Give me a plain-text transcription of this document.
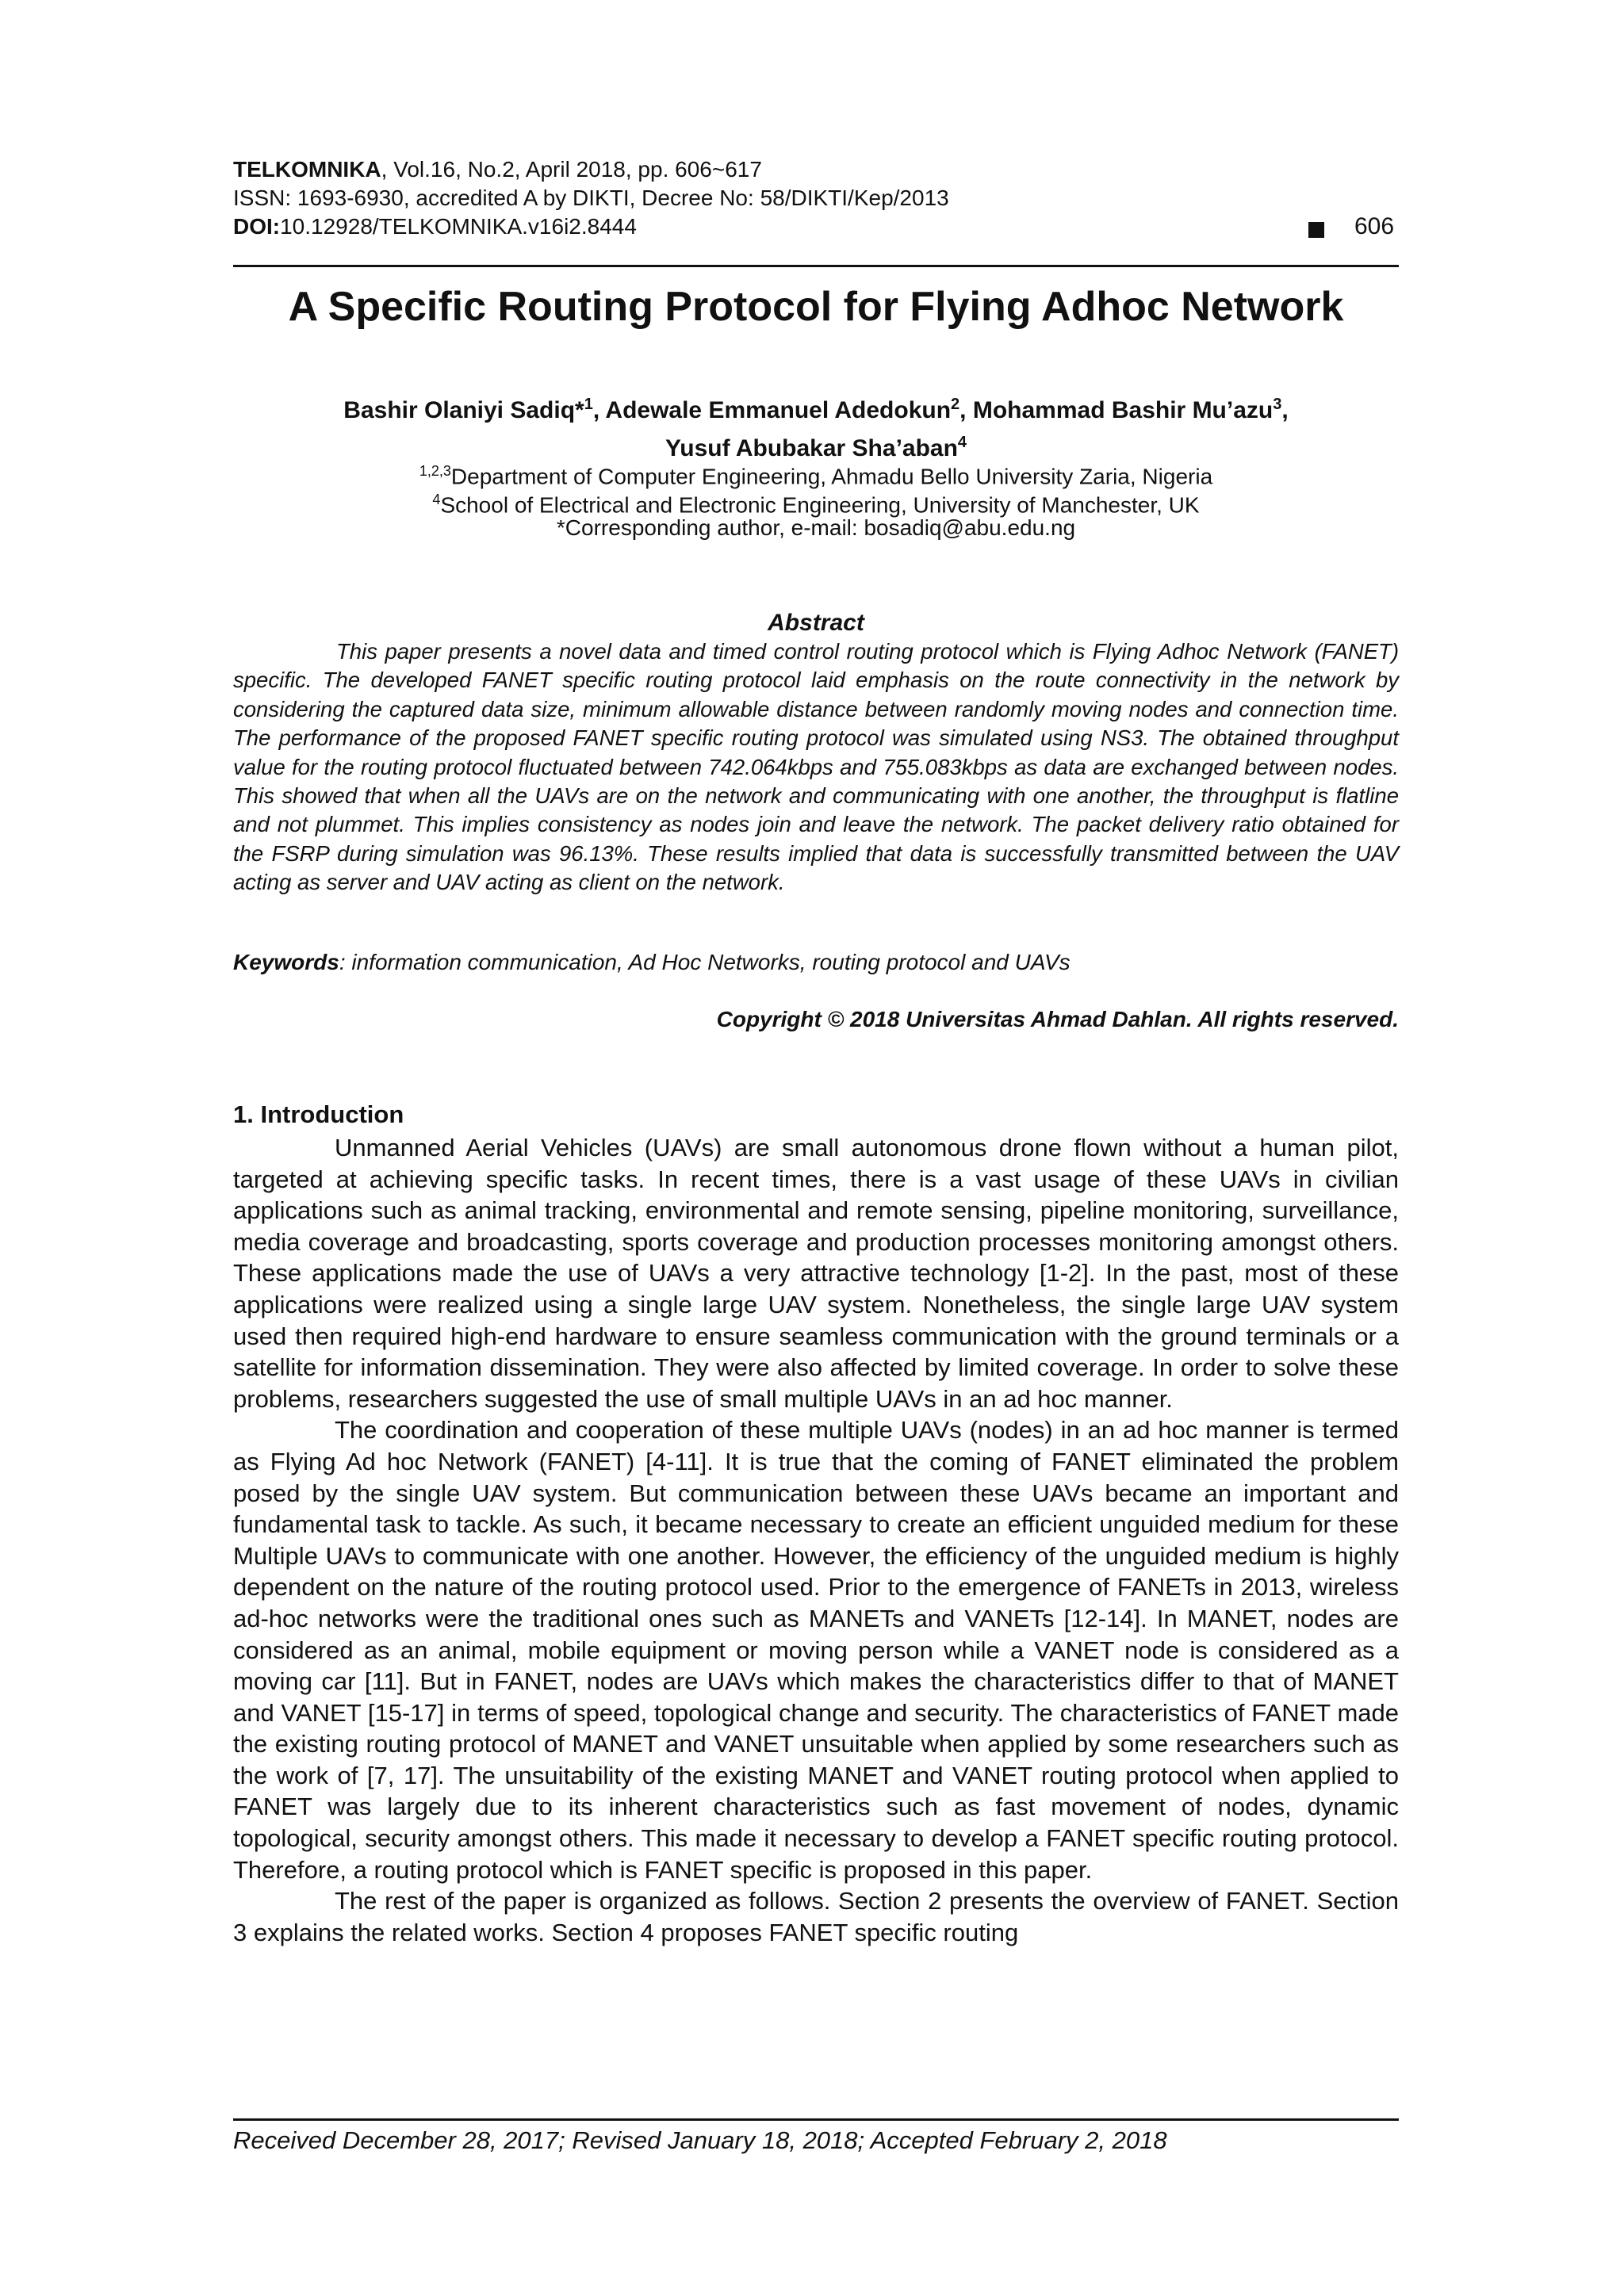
TELKOMNIKA, Vol.16, No.2, April 2018, pp. 606~617
ISSN: 1693-6930, accredited A by DIKTI, Decree No: 58/DIKTI/Kep/2013
DOI:10.12928/TELKOMNIKA.v16i2.8444	606
A Specific Routing Protocol for Flying Adhoc Network
Bashir Olaniyi Sadiq*$^1$, Adewale Emmanuel Adedokun$^2$, Mohammad Bashir Mu’azu$^3$,
Yusuf Abubakar Sha’aban$^4$
$^{1,2,3}$Department of Computer Engineering, Ahmadu Bello University Zaria, Nigeria
$^4$School of Electrical and Electronic Engineering, University of Manchester, UK
*Corresponding author, e-mail: bosadiq@abu.edu.ng
Abstract
This paper presents a novel data and timed control routing protocol which is Flying Adhoc Network (FANET) specific. The developed FANET specific routing protocol laid emphasis on the route connectivity in the network by considering the captured data size, minimum allowable distance between randomly moving nodes and connection time. The performance of the proposed FANET specific routing protocol was simulated using NS3. The obtained throughput value for the routing protocol fluctuated between 742.064kbps and 755.083kbps as data are exchanged between nodes. This showed that when all the UAVs are on the network and communicating with one another, the throughput is flatline and not plummet. This implies consistency as nodes join and leave the network. The packet delivery ratio obtained for the FSRP during simulation was 96.13%. These results implied that data is successfully transmitted between the UAV acting as server and UAV acting as client on the network.
Keywords: information communication, Ad Hoc Networks, routing protocol and UAVs
Copyright © 2018 Universitas Ahmad Dahlan. All rights reserved.
1. Introduction

Unmanned Aerial Vehicles (UAVs) are small autonomous drone flown without a human pilot, targeted at achieving specific tasks. In recent times, there is a vast usage of these UAVs in civilian applications such as animal tracking, environmental and remote sensing, pipeline monitoring, surveillance, media coverage and broadcasting, sports coverage and production processes monitoring amongst others. These applications made the use of UAVs a very attractive technology [1-2]. In the past, most of these applications were realized using a single large UAV system. Nonetheless, the single large UAV system used then required high-end hardware to ensure seamless communication with the ground terminals or a satellite for information dissemination. They were also affected by limited coverage. In order to solve these problems, researchers suggested the use of small multiple UAVs in an ad hoc manner.

The coordination and cooperation of these multiple UAVs (nodes) in an ad hoc manner is termed as Flying Ad hoc Network (FANET) [4-11]. It is true that the coming of FANET eliminated the problem posed by the single UAV system. But communication between these UAVs became an important and fundamental task to tackle. As such, it became necessary to create an efficient unguided medium for these Multiple UAVs to communicate with one another. However, the efficiency of the unguided medium is highly dependent on the nature of the routing protocol used. Prior to the emergence of FANETs in 2013, wireless ad-hoc networks were the traditional ones such as MANETs and VANETs [12-14]. In MANET, nodes are considered as an animal, mobile equipment or moving person while a VANET node is considered as a moving car [11]. But in FANET, nodes are UAVs which makes the characteristics differ to that of MANET and VANET [15-17] in terms of speed, topological change and security. The characteristics of FANET made the existing routing protocol of MANET and VANET unsuitable when applied by some researchers such as the work of [7, 17]. The unsuitability of the existing MANET and VANET routing protocol when applied to FANET was largely due to its inherent characteristics such as fast movement of nodes, dynamic topological, security amongst others. This made it necessary to develop a FANET specific routing protocol. Therefore, a routing protocol which is FANET specific is proposed in this paper.

The rest of the paper is organized as follows. Section 2 presents the overview of FANET. Section 3 explains the related works. Section 4 proposes FANET specific routing

Received December 28, 2017; Revised January 18, 2018; Accepted February 2, 2018
